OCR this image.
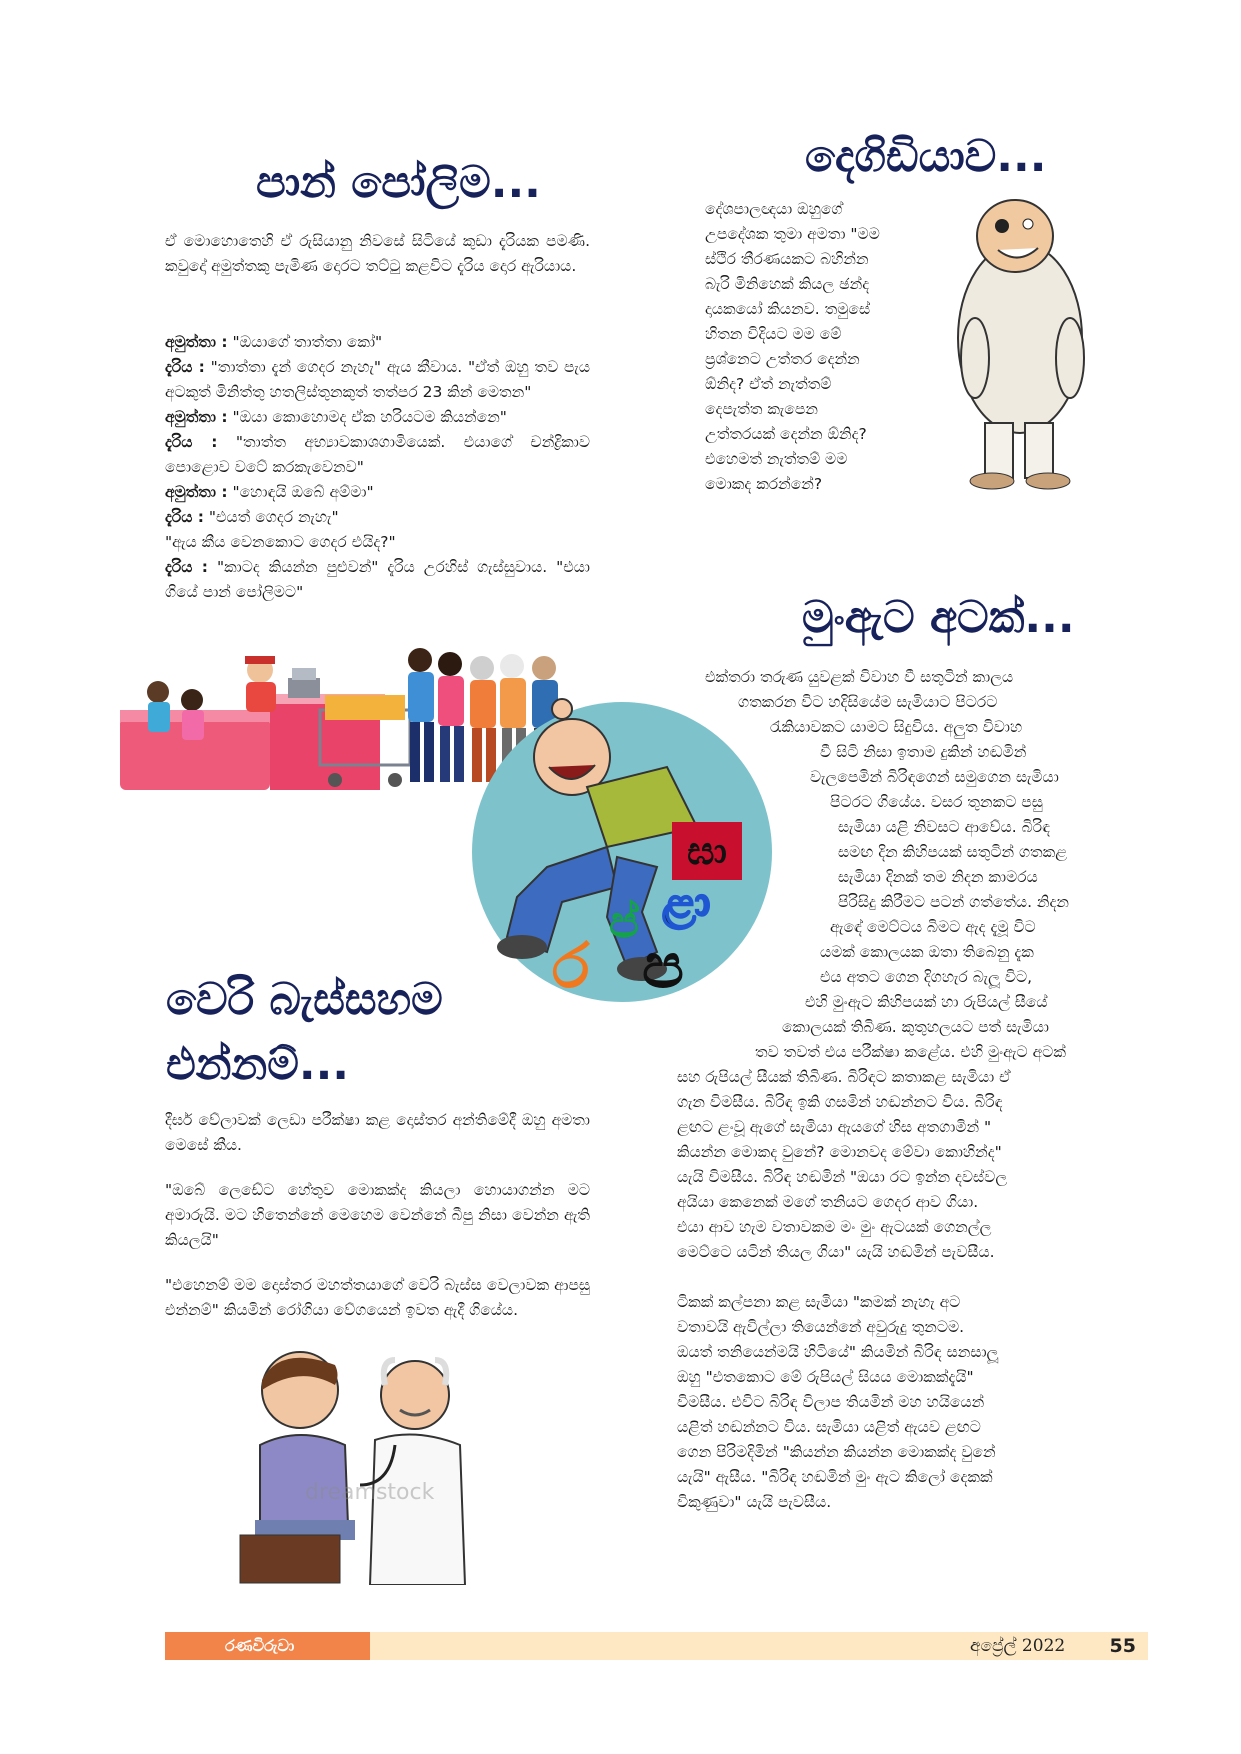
පාන් පෝලිම...
දෙගිඩියාව...
මුංඇට අටක්...
වෙරි බැස්සහම
එන්නම්...

ඒ මොහොතෙහි ඒ රුසියානු නිවසේ සිටියේ කුඩා දැරියක පමණි. කවුදෝ අමුත්තකු පැමිණ දොරට තට්ටු කළවිට දැරිය දොර ඇරියාය.

අමුත්තා : "ඔයාගේ තාත්තා කෝ"
දැරිය : "තාත්තා දැන් ගෙදර නැහැ" ඇය කීවාය. "ඒත් ඔහු තව පැය අටකුත් මිනිත්තු හතලිස්තුනකුත් තත්පර 23 කින් මෙතන"
අමුත්තා : "ඔයා කොහොමද ඒක හරියටම කියන්නෙ"
දැරිය : "තාත්ත අභ්‍යාවකාශගාමියෙක්. එයාගේ චන්ද්‍රිකාව පොළොව වටේ කරකැවෙනව"
අමුත්තා : "හොඳයි ඔබේ අම්මා"
දැරිය : "එයත් ගෙදර නැහැ"
"ඇය කීය වෙනකොට ගෙදර එයිද?"
දැරිය : "කාටද කියන්න පුළුවන්" දැරිය උරහිස් ගැස්සුවාය. "එයා ගියේ පාන් පෝලිමට"
දේශපාලඥයා ඔහුගේ
උපදේශක තුමා අමතා "මම
ස්ථිර තීරණයකට බහින්න
බැරි මිනිහෙක් කියල ඡන්ද
දායකයෝ කියනව. තමුසේ
හිතන විදියට මම මේ
ප්‍රශ්නෙට උත්තර දෙන්න
ඕනිද? ඒත් නැත්තම්
දෙපැත්ත කැපෙන
උත්තරයක් දෙන්න ඕනිද?
එහෙමත් නැත්තම් මම
මොකද කරන්නේ?
එක්තරා තරුණ යුවළක් විවාහ වී සතුටින් කාලය
ගතකරන විට හදිසියේම සැමියාට පිටරට
රැකියාවකට යාමට සිදුවිය. අලුත විවාහ
වී සිටි නිසා ඉතාම දුකින් හඬමින්
වැලපෙමින් බිරිඳගෙන් සමුගෙන සැමියා
පිටරට ගියේය. වසර තුනකට පසු
සැමියා යළි නිවසට ආවේය. බිරිඳ
සමඟ දින කිහිපයක් සතුටින් ගතකළ
සැමියා දිනක් තම නිදන කාමරය
පිරිසිදු කිරීමට පටන් ගත්තේය. නිදන
ඇඳේ මෙට්ටය බිමට ඇද දැමූ විට
යමක් කොලයක ඔතා තිබෙනු දැක
එය අතට ගෙන දිගහැර බැලූ විට,
එහි මුංඇට කිහිපයක් හා රුපියල් සීයේ
කොලයක් තිබිණ. කුතුහලයට පත් සැමියා
තව තවත් එය පරීක්ෂා කළේය. එහි මුංඇට අටක්
සහ රුපියල් සීයක් තිබිණ. බිරිඳට කතාකළ සැමියා ඒ
ගැන විමසීය. බිරිඳ ඉකි ගසමින් හඬන්නට විය. බිරිඳ
ළඟට ළංවූ ඇගේ සැමියා ඇයගේ හිස අතගාමින් "
කියන්න මොකද වුනේ? මොනවද මේවා කොහින්ද"
යැයි විමසීය. බිරිඳ හඬමින් "ඔයා රට ඉන්න දවස්වල
අයියා කෙනෙක් මගේ තනියට ගෙදර ආව ගියා.
එයා ආව හැම වතාවකම මං මුං ඇටයක් ගෙනල්ල
මෙට්ටෙ යටින් තියල ගියා" යැයි හඬමින් පැවසීය.
ටිකක් කල්පනා කළ සැමියා "කමක් නැහැ අට
වතාවයි ඇවිල්ලා තියෙන්නේ අවුරුදු තුනටම.
ඔයත් තනියෙන්මයි හිටියේ" කියමින් බිරිඳ සනසාලූ
ඔහු "එතකොට මේ රුපියල් සියය මොකක්දැයි"
විමසීය. එවිට බිරිඳ විලාප තියමින් මහ හයියෙන්
යළිත් හඬන්නට විය. සැමියා යළිත් ඇයව ළඟට
ගෙන පිරිමදිමින් "කියන්න කියන්න මොකක්ද වුනේ
යැයි" ඇසීය. "බිරිඳ හඬමින් මුං ඇට කිලෝ දෙකක්
විකුණුවා" යැයි පැවසීය.
ඝා
ළා
ප්
ර ප

දීර්ඝ වේලාවක් ලෙඩා පරීක්ෂා කළ දොස්තර අන්තිමේදී ඔහු අමතා මෙසේ කීය.

"ඔබේ ලෙඩේට හේතුව මොකක්ද කියලා හොයාගන්න මට අමාරුයි. මට හිතෙන්නේ මෙහෙම වෙන්නේ බීපු නිසා වෙන්න ඇති කියලයි"

"එහෙනම් මම දොස්තර මහත්තයාගේ වෙරි බැස්ස වෙලාවක ආපසු එන්නම්" කියමින් රෝගියා වේගයෙන් ඉවත ඇදී ගියේය.

dreamstock
රණවිරුවා	අප්‍රේල් 2022 55
